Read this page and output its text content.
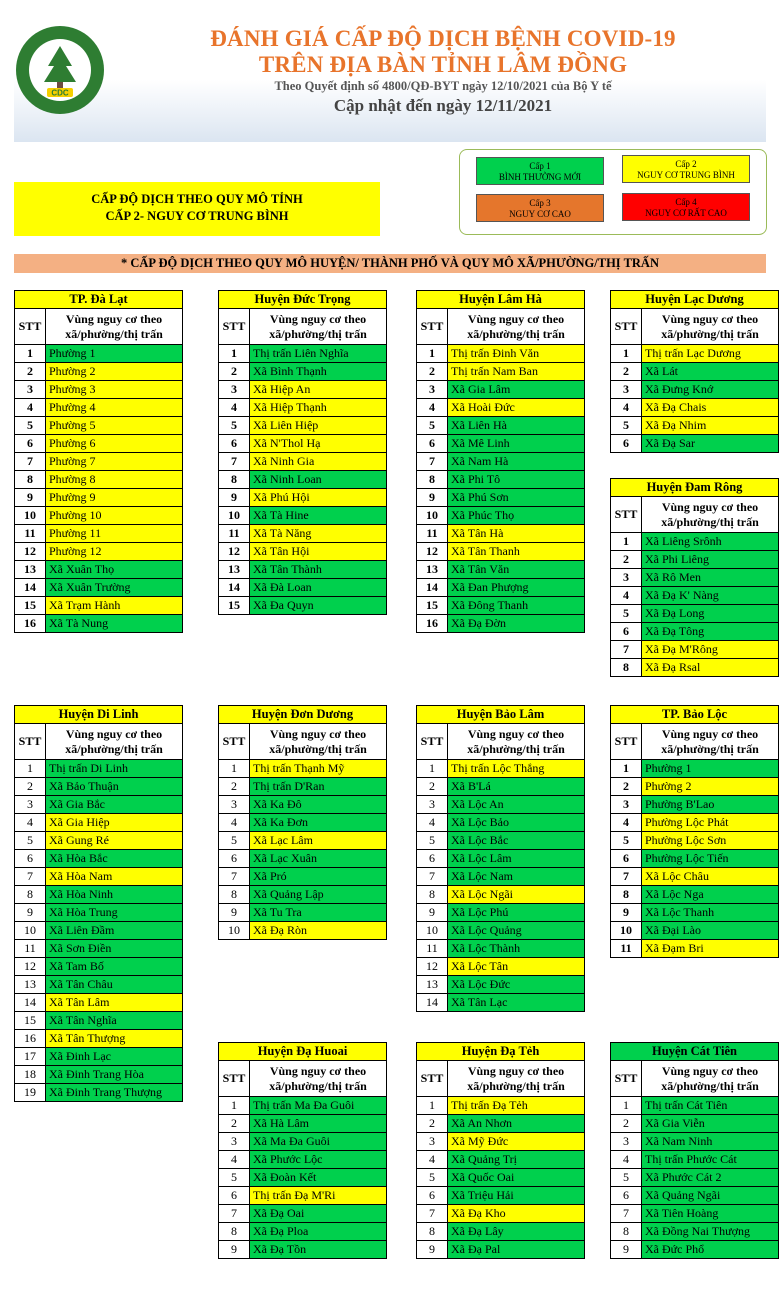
CDC
ĐÁNH GIÁ CẤP ĐỘ DỊCH BỆNH COVID-19
TRÊN ĐỊA BÀN TỈNH LÂM ĐỒNG
Theo Quyết định số 4800/QĐ-BYT ngày 12/10/2021 của Bộ Y tế
Cập nhật đến ngày 12/11/2021
CẤP ĐỘ DỊCH THEO QUY MÔ TỈNH
CẤP 2- NGUY CƠ TRUNG BÌNH
Cấp 1
BÌNH THƯỜNG MỚI
Cấp 2
NGUY CƠ TRUNG BÌNH
Cấp 3
NGUY CƠ CAO
Cấp 4
NGUY CƠ RẤT CAO
* CẤP ĐỘ DỊCH THEO QUY MÔ HUYỆN/ THÀNH PHỐ VÀ QUY MÔ XÃ/PHƯỜNG/THỊ TRẤN
TP. Đà Lạt	
STT	Vùng nguy cơ theo xã/phường/thị trấn
1	Phường 1
2	Phường 2
3	Phường 3
4	Phường 4
5	Phường 5
6	Phường 6
7	Phường 7
8	Phường 8
9	Phường 9
10	Phường 10
11	Phường 11
12	Phường 12
13	Xã Xuân Thọ
14	Xã Xuân Trường
15	Xã Trạm Hành
16	Xã Tà Nung
Huyện Đức Trọng	
STT	Vùng nguy cơ theo xã/phường/thị trấn
1	Thị trấn Liên Nghĩa
2	Xã Bình Thạnh
3	Xã Hiệp An
4	Xã Hiệp Thạnh
5	Xã Liên Hiệp
6	Xã N'Thol Hạ
7	Xã Ninh Gia
8	Xã Ninh Loan
9	Xã Phú Hội
10	Xã Tà Hine
11	Xã Tà Năng
12	Xã Tân Hội
13	Xã Tân Thành
14	Xã Đà Loan
15	Xã Đa Quyn
Huyện Lâm Hà	
STT	Vùng nguy cơ theo xã/phường/thị trấn
1	Thị trấn Đinh Văn
2	Thị trấn Nam Ban
3	Xã Gia Lâm
4	Xã Hoài Đức
5	Xã Liên Hà
6	Xã Mê Linh
7	Xã Nam Hà
8	Xã Phi Tô
9	Xã Phú Sơn
10	Xã Phúc Thọ
11	Xã Tân Hà
12	Xã Tân Thanh
13	Xã Tân Văn
14	Xã Đan Phượng
15	Xã Đông Thanh
16	Xã Đạ Đờn
Huyện Lạc Dương	
STT	Vùng nguy cơ theo xã/phường/thị trấn
1	Thị trấn Lạc Dương
2	Xã Lát
3	Xã Đưng Knớ
4	Xã Đạ Chais
5	Xã Đạ Nhim
6	Xã Đạ Sar
Huyện Đam Rông	
STT	Vùng nguy cơ theo xã/phường/thị trấn
1	Xã Liêng Srônh
2	Xã Phi Liêng
3	Xã Rô Men
4	Xã Đạ K' Nàng
5	Xã Đạ Long
6	Xã Đạ Tông
7	Xã Đạ M'Rông
8	Xã Đạ Rsal
Huyện Di Linh	
STT	Vùng nguy cơ theo xã/phường/thị trấn
1	Thị trấn Di Linh
2	Xã Bảo Thuận
3	Xã Gia Bắc
4	Xã Gia Hiệp
5	Xã Gung Ré
6	Xã Hòa Bắc
7	Xã Hòa Nam
8	Xã Hòa Ninh
9	Xã Hòa Trung
10	Xã Liên Đầm
11	Xã Sơn Điền
12	Xã Tam Bố
13	Xã Tân Châu
14	Xã Tân Lâm
15	Xã Tân Nghĩa
16	Xã Tân Thượng
17	Xã Đinh Lạc
18	Xã Đinh Trang Hòa
19	Xã Đinh Trang Thượng
Huyện Đơn Dương	
STT	Vùng nguy cơ theo xã/phường/thị trấn
1	Thị trấn Thạnh Mỹ
2	Thị trấn D'Ran
3	Xã Ka Đô
4	Xã Ka Đơn
5	Xã Lạc Lâm
6	Xã Lạc Xuân
7	Xã Pró
8	Xã Quảng Lập
9	Xã Tu Tra
10	Xã Đạ Ròn
Huyện Bảo Lâm	
STT	Vùng nguy cơ theo xã/phường/thị trấn
1	Thị trấn Lộc Thắng
2	Xã B'Lá
3	Xã Lộc An
4	Xã Lộc Bảo
5	Xã Lộc Bắc
6	Xã Lộc Lâm
7	Xã Lộc Nam
8	Xã Lộc Ngãi
9	Xã Lộc Phú
10	Xã Lộc Quảng
11	Xã Lộc Thành
12	Xã Lộc Tân
13	Xã Lộc Đức
14	Xã Tân Lạc
TP. Bảo Lộc	
STT	Vùng nguy cơ theo xã/phường/thị trấn
1	Phường 1
2	Phường 2
3	Phường B'Lao
4	Phường Lộc Phát
5	Phường Lộc Sơn
6	Phường Lộc Tiến
7	Xã Lộc Châu
8	Xã Lộc Nga
9	Xã Lộc Thanh
10	Xã Đại Lào
11	Xã Đạm Bri
Huyện Đạ Huoai	
STT	Vùng nguy cơ theo xã/phường/thị trấn
1	Thị trấn Ma Đa Guôi
2	Xã Hà Lâm
3	Xã Ma Đa Guôi
4	Xã Phước Lộc
5	Xã Đoàn Kết
6	Thị trấn Đạ M'Ri
7	Xã Đạ Oai
8	Xã Đạ Ploa
9	Xã Đạ Tồn
Huyện Đạ Tẻh	
STT	Vùng nguy cơ theo xã/phường/thị trấn
1	Thị trấn Đạ Tẻh
2	Xã An Nhơn
3	Xã Mỹ Đức
4	Xã Quảng Trị
5	Xã Quốc Oai
6	Xã Triệu Hải
7	Xã Đạ Kho
8	Xã Đạ Lây
9	Xã Đạ Pal
Huyện Cát Tiên	
STT	Vùng nguy cơ theo xã/phường/thị trấn
1	Thị trấn Cát Tiên
2	Xã Gia Viễn
3	Xã Nam Ninh
4	Thị trấn Phước Cát
5	Xã Phước Cát 2
6	Xã Quảng Ngãi
7	Xã Tiên Hoàng
8	Xã Đồng Nai Thượng
9	Xã Đức Phổ
